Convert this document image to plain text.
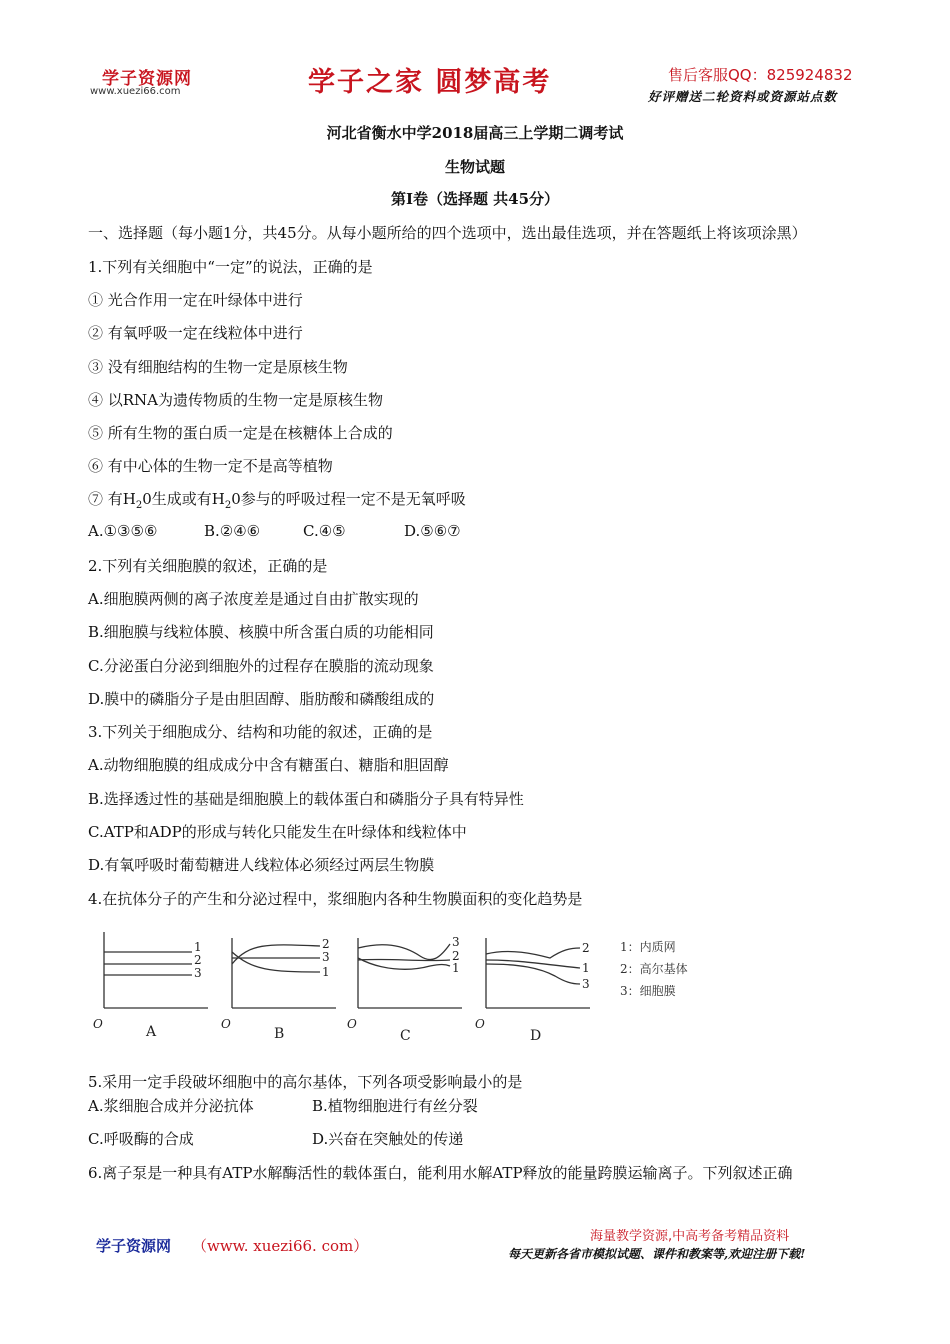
学子资源网
www.xuezi66.com	学子之家 圆梦高考	售后客服QQ：825924832
好评赠送二轮资料或资源站点数
河北省衡水中学2018届高三上学期二调考试
生物试题
第Ⅰ卷（选择题 共45分）
一、选择题（每小题1分，共45分。从每小题所给的四个选项中，选出最佳选项，并在答题纸上将该项涂黑）
1.下列有关细胞中“一定”的说法，正确的是
① 光合作用一定在叶绿体中进行
② 有氧呼吸一定在线粒体中进行
③ 没有细胞结构的生物一定是原核生物
④ 以RNA为遗传物质的生物一定是原核生物
⑤ 所有生物的蛋白质一定是在核糖体上合成的
⑥ 有中心体的生物一定不是高等植物
⑦ 有$H_20$生成或有$H_20$参与的呼吸过程一定不是无氧呼吸
A.①③⑤⑥	B.②④⑥	C.④⑤	D.⑤⑥⑦
2.下列有关细胞膜的叙述，正确的是
A.细胞膜两侧的离子浓度差是通过自由扩散实现的
B.细胞膜与线粒体膜、核膜中所含蛋白质的功能相同
C.分泌蛋白分泌到细胞外的过程存在膜脂的流动现象
D.膜中的磷脂分子是由胆固醇、脂肪酸和磷酸组成的
3.下列关于细胞成分、结构和功能的叙述，正确的是
A.动物细胞膜的组成成分中含有糖蛋白、糖脂和胆固醇
B.选择透过性的基础是细胞膜上的载体蛋白和磷脂分子具有特异性
C.ATP和ADP的形成与转化只能发生在叶绿体和线粒体中
D.有氧呼吸时葡萄糖进人线粒体必须经过两层生物膜
4.在抗体分子的产生和分泌过程中，浆细胞内各种生物膜面积的变化趋势是
1
2
3
2
3
1
3
2
1
2
1
3
O	O	O	O
A	B	C	D
1：内质网
2：高尔基体
3：细胞膜
5.采用一定手段破坏细胞中的高尔基体，下列各项受影响最小的是
A.浆细胞合成并分泌抗体	B.植物细胞进行有丝分裂
C.呼吸酶的合成	D.兴奋在突触处的传递
6.离子泵是一种具有ATP水解酶活性的载体蛋白，能利用水解ATP释放的能量跨膜运输离子。下列叙述正确
学子资源网 （www. xuezi66. com）
海量教学资源,中高考备考精品资料
每天更新各省市模拟试题、课件和教案等,欢迎注册下载!
